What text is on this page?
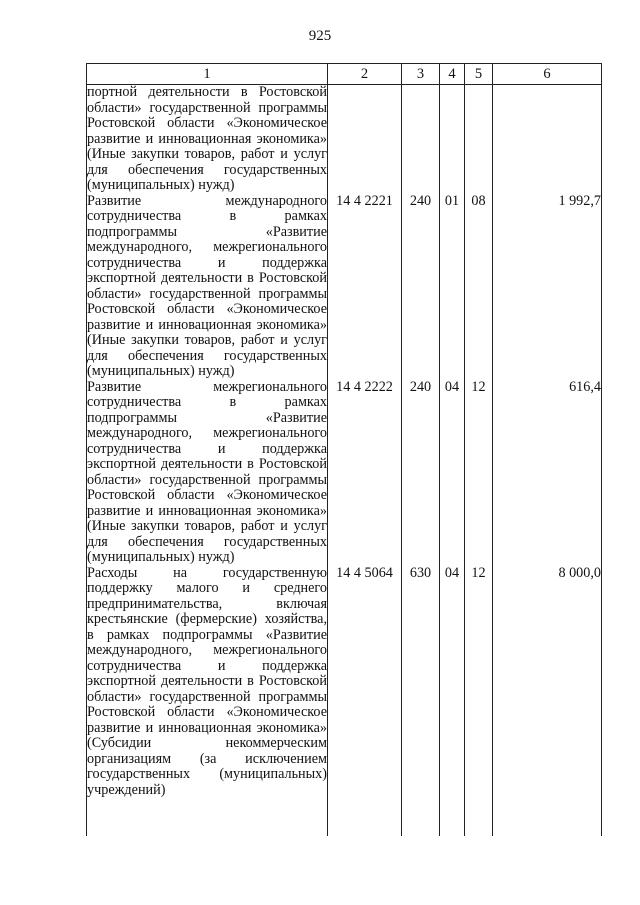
925
1	2	3	4	5	6
портной деятельности в Ростовской области» государственной программы Ростовской области «Экономическое развитие и инновационная экономика» (Иные закупки товаров, работ и услуг для обеспечения государственных (муниципальных) нужд)					
Развитие международного сотрудничества в рамках подпрограммы «Развитие международного, межрегионального сотрудничества и поддержка экспортной деятельности в Ростовской области» государственной программы Ростовской области «Экономическое развитие и инновационная экономика» (Иные закупки товаров, работ и услуг для обеспечения государственных (муниципальных) нужд)	14 4 2221	240	01	08	1 992,7
Развитие межрегионального сотрудничества в рамках подпрограммы «Развитие международного, межрегионального сотрудничества и поддержка экспортной деятельности в Ростовской области» государственной программы Ростовской области «Экономическое развитие и инновационная экономика» (Иные закупки товаров, работ и услуг для обеспечения государственных (муниципальных) нужд)	14 4 2222	240	04	12	616,4
Расходы на государственную поддержку малого и среднего предпринимательства, включая крестьянские (фермерские) хозяйства, в рамках подпрограммы «Развитие международного, межрегионального сотрудничества и поддержка экспортной деятельности в Ростовской области» государственной программы Ростовской области «Экономическое развитие и инновационная экономика» (Субсидии некоммерческим организациям (за исключением государственных (муниципальных) учреждений)	14 4 5064	630	04	12	8 000,0
